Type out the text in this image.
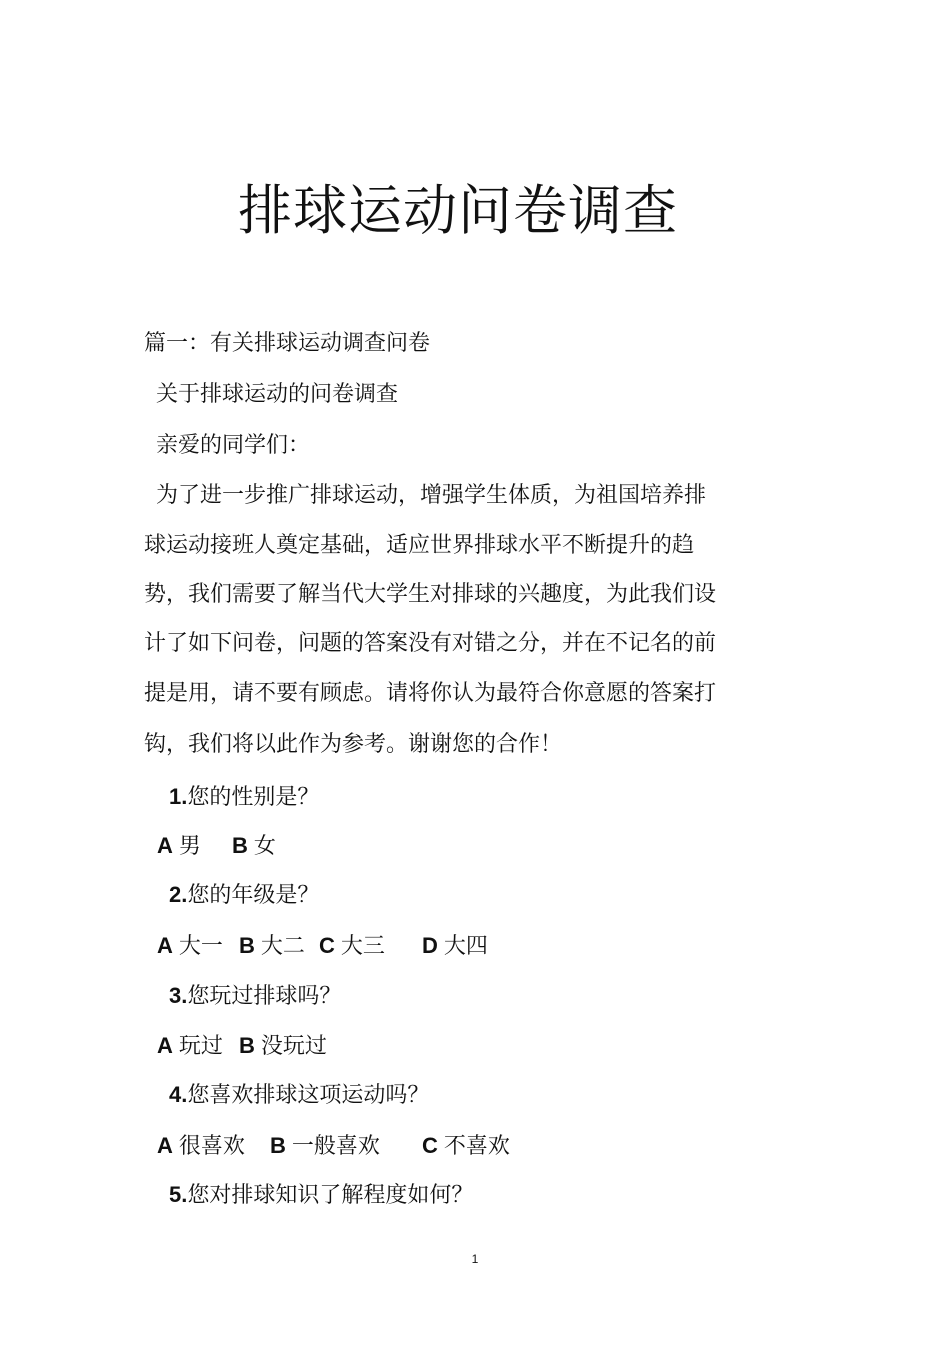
排球运动问卷调查
篇一：有关排球运动调查问卷
关于排球运动的问卷调查
亲爱的同学们：
为了进一步推广排球运动，增强学生体质，为祖国培养排
球运动接班人奠定基础，适应世界排球水平不断提升的趋
势，我们需要了解当代大学生对排球的兴趣度，为此我们设
计了如下问卷，问题的答案没有对错之分，并在不记名的前
提是用，请不要有顾虑。请将你认为最符合你意愿的答案打
钩，我们将以此作为参考。谢谢您的合作！
1.您的性别是？
A 男 B 女
2.您的年级是？
A 大一 B 大二 C 大三 D 大四
3.您玩过排球吗？
A 玩过 B 没玩过
4.您喜欢排球这项运动吗？
A 很喜欢 B 一般喜欢 C 不喜欢
5.您对排球知识了解程度如何？
1
